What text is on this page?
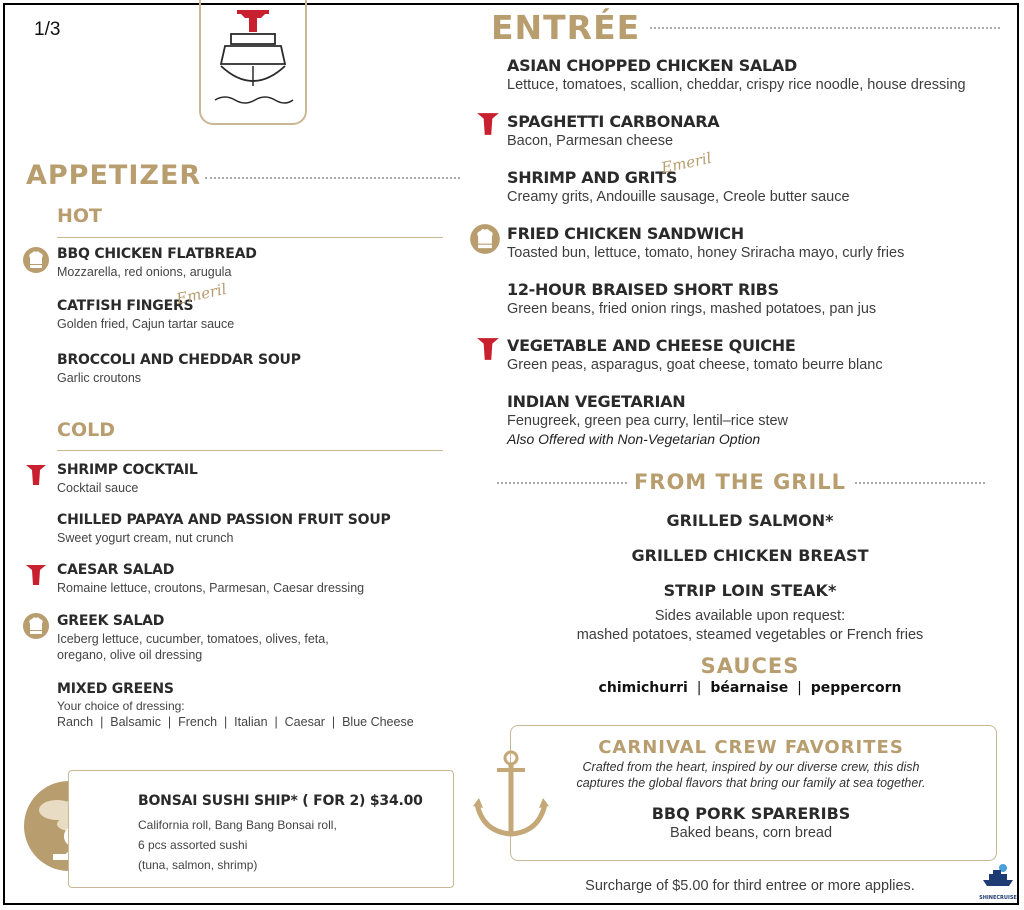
1/3
APPETIZER
HOT
BBQ CHICKEN FLATBREAD
Mozzarella, red onions, arugula
CATFISH FINGERS
Golden fried, Cajun tartar sauce
Emeril
BROCCOLI AND CHEDDAR SOUP
Garlic croutons
COLD
SHRIMP COCKTAIL
Cocktail sauce
CHILLED PAPAYA AND PASSION FRUIT SOUP
Sweet yogurt cream, nut crunch
CAESAR SALAD
Romaine lettuce, croutons, Parmesan, Caesar dressing
GREEK SALAD
Iceberg lettuce, cucumber, tomatoes, olives, feta,
oregano, olive oil dressing
MIXED GREENS
Your choice of dressing:
Ranch  |  Balsamic  |  French  |  Italian  |  Caesar  |  Blue Cheese
BONSAI SUSHI SHIP* ( FOR 2) $34.00
California roll, Bang Bang Bonsai roll,
6 pcs assorted sushi
(tuna, salmon, shrimp)
ENTRÉE
ASIAN CHOPPED CHICKEN SALAD
Lettuce, tomatoes, scallion, cheddar, crispy rice noodle, house dressing
SPAGHETTI CARBONARA
Bacon, Parmesan cheese
SHRIMP AND GRITS
Creamy grits, Andouille sausage, Creole butter sauce
Emeril
FRIED CHICKEN SANDWICH
Toasted bun, lettuce, tomato, honey Sriracha mayo, curly fries
12-HOUR BRAISED SHORT RIBS
Green beans, fried onion rings, mashed potatoes, pan jus
VEGETABLE AND CHEESE QUICHE
Green peas, asparagus, goat cheese, tomato beurre blanc
INDIAN VEGETARIAN
Fenugreek, green pea curry, lentil–rice stew
Also Offered with Non-Vegetarian Option
FROM THE GRILL
GRILLED SALMON*
GRILLED CHICKEN BREAST
STRIP LOIN STEAK*
Sides available upon request:
mashed potatoes, steamed vegetables or French fries
SAUCES
chimichurri | béarnaise | peppercorn
CARNIVAL CREW FAVORITES
Crafted from the heart, inspired by our diverse crew, this dish
captures the global flavors that bring our family at sea together.
BBQ PORK SPARERIBS
Baked beans, corn bread
Surcharge of $5.00 for third entree or more applies.
SHINECRUISE
